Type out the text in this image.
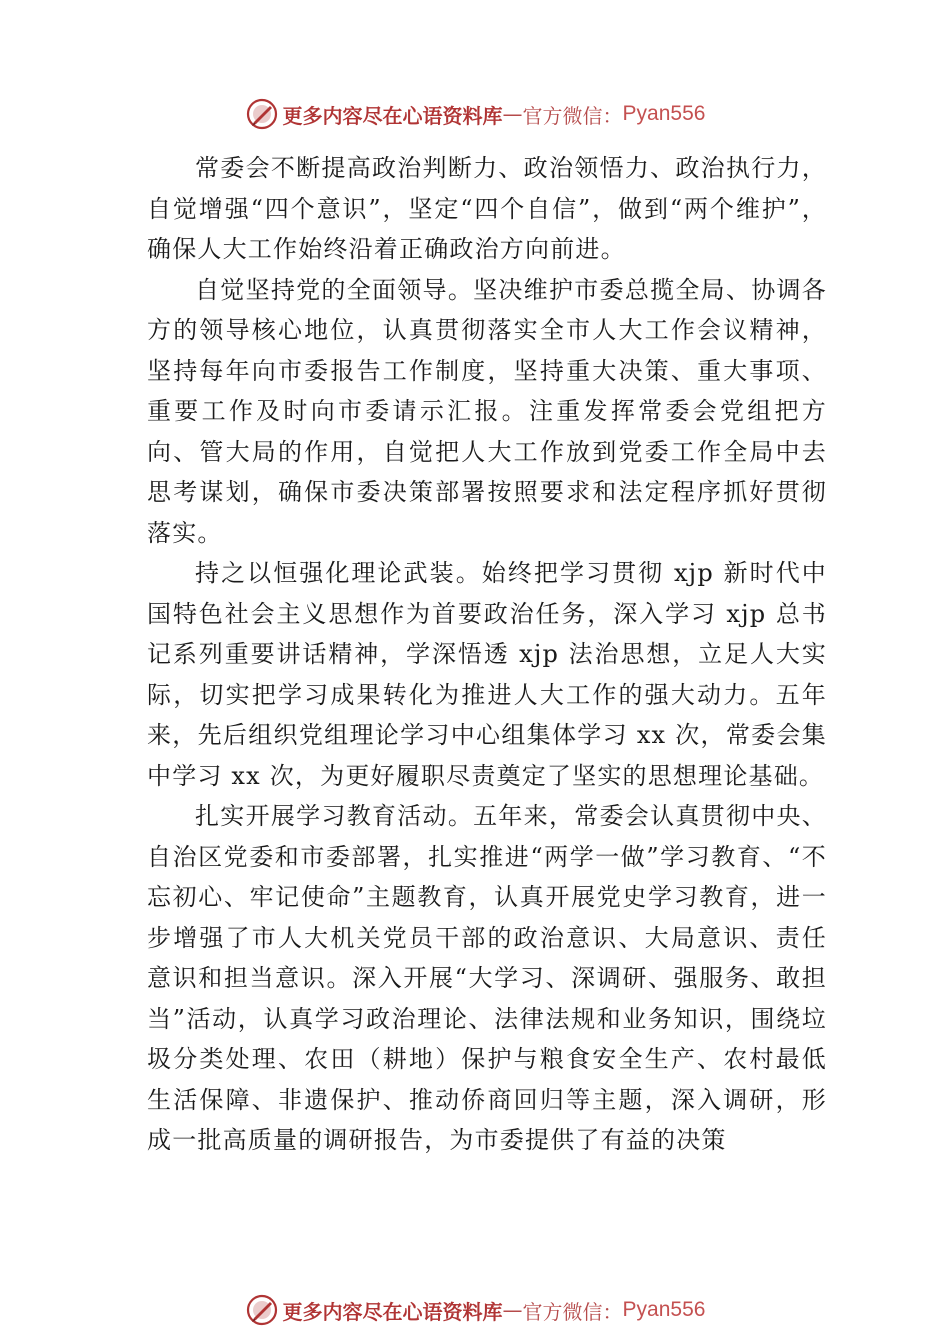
更多内容尽在心语资料库 — 官方微信： Pyan556

常委会不断提高政治判断力、政治领悟力、政治执行力，自觉增强“四个意识”，坚定“四个自信”，做到“两个维护”，确保人大工作始终沿着正确政治方向前进。

自觉坚持党的全面领导。坚决维护市委总揽全局、协调各方的领导核心地位，认真贯彻落实全市人大工作会议精神，坚持每年向市委报告工作制度，坚持重大决策、重大事项、重要工作及时向市委请示汇报。注重发挥常委会党组把方向、管大局的作用，自觉把人大工作放到党委工作全局中去思考谋划，确保市委决策部署按照要求和法定程序抓好贯彻落实。

持之以恒强化理论武装。始终把学习贯彻 xjp 新时代中国特色社会主义思想作为首要政治任务，深入学习 xjp 总书记系列重要讲话精神，学深悟透 xjp 法治思想，立足人大实际，切实把学习成果转化为推进人大工作的强大动力。五年来，先后组织党组理论学习中心组集体学习 xx 次，常委会集中学习 xx 次，为更好履职尽责奠定了坚实的思想理论基础。

扎实开展学习教育活动。五年来，常委会认真贯彻中央、自治区党委和市委部署，扎实推进“两学一做”学习教育、“不忘初心、牢记使命”主题教育，认真开展党史学习教育，进一步增强了市人大机关党员干部的政治意识、大局意识、责任意识和担当意识。深入开展“大学习、深调研、强服务、敢担当”活动，认真学习政治理论、法律法规和业务知识，围绕垃圾分类处理、农田（耕地）保护与粮食安全生产、农村最低生活保障、非遗保护、推动侨商回归等主题，深入调研，形成一批高质量的调研报告，为市委提供了有益的决策

更多内容尽在心语资料库 — 官方微信： Pyan556
